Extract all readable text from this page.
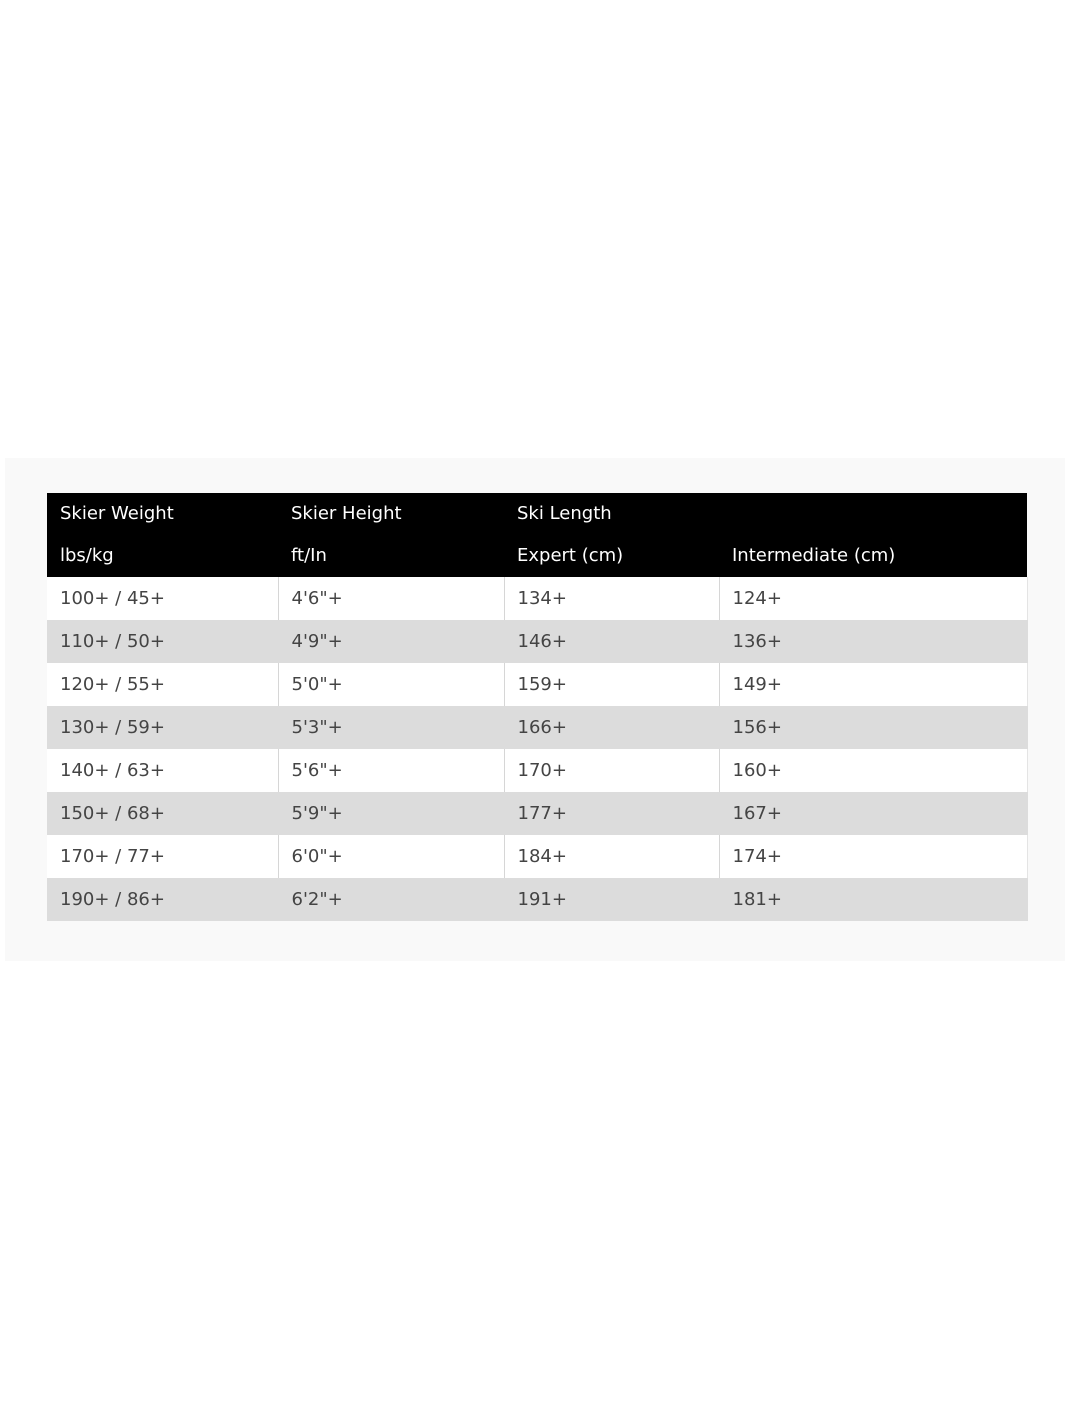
Skier Weight	Skier Height	Ski Length	
lbs/kg	ft/In	Expert (cm)	Intermediate (cm)
100+ / 45+	4'6"+	134+	124+
110+ / 50+	4'9"+	146+	136+
120+ / 55+	5'0"+	159+	149+
130+ / 59+	5'3"+	166+	156+
140+ / 63+	5'6"+	170+	160+
150+ / 68+	5'9"+	177+	167+
170+ / 77+	6'0"+	184+	174+
190+ / 86+	6'2"+	191+	181+
